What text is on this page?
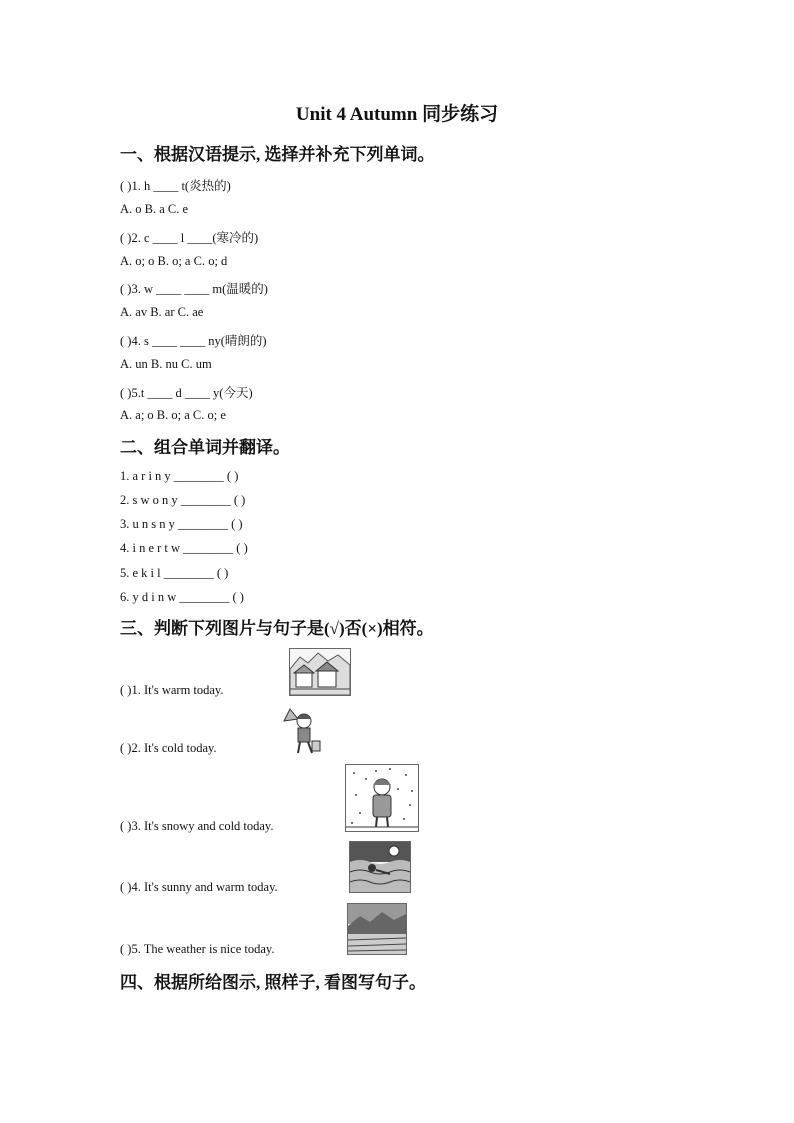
Unit 4 Autumn 同步练习
一、根据汉语提示, 选择并补充下列单词。
( )1. h ____ t(炎热的)
A. o B. a C. e
( )2. c ____ l ____(寒冷的)
A. o; o B. o; a C. o; d
( )3. w ____ ____ m(温暖的)
A. av B. ar C. ae
( )4. s ____ ____ ny(晴朗的)
A. un B. nu C. um
( )5.t ____ d ____ y(今天)
A. a; o B. o; a C. o; e
二、组合单词并翻译。
1. a r i n y ________ ( )
2. s w o n y ________ ( )
3. u n s n y ________ ( )
4. i n e r t w ________ ( )
5. e k i l ________ ( )
6. y d i n w ________ ( )
三、判断下列图片与句子是(√)否(×)相符。
( )1. It's warm today.
( )2. It's cold today.
( )3. It's snowy and cold today.
( )4. It's sunny and warm today.
( )5. The weather is nice today.
四、根据所给图示, 照样子, 看图写句子。
